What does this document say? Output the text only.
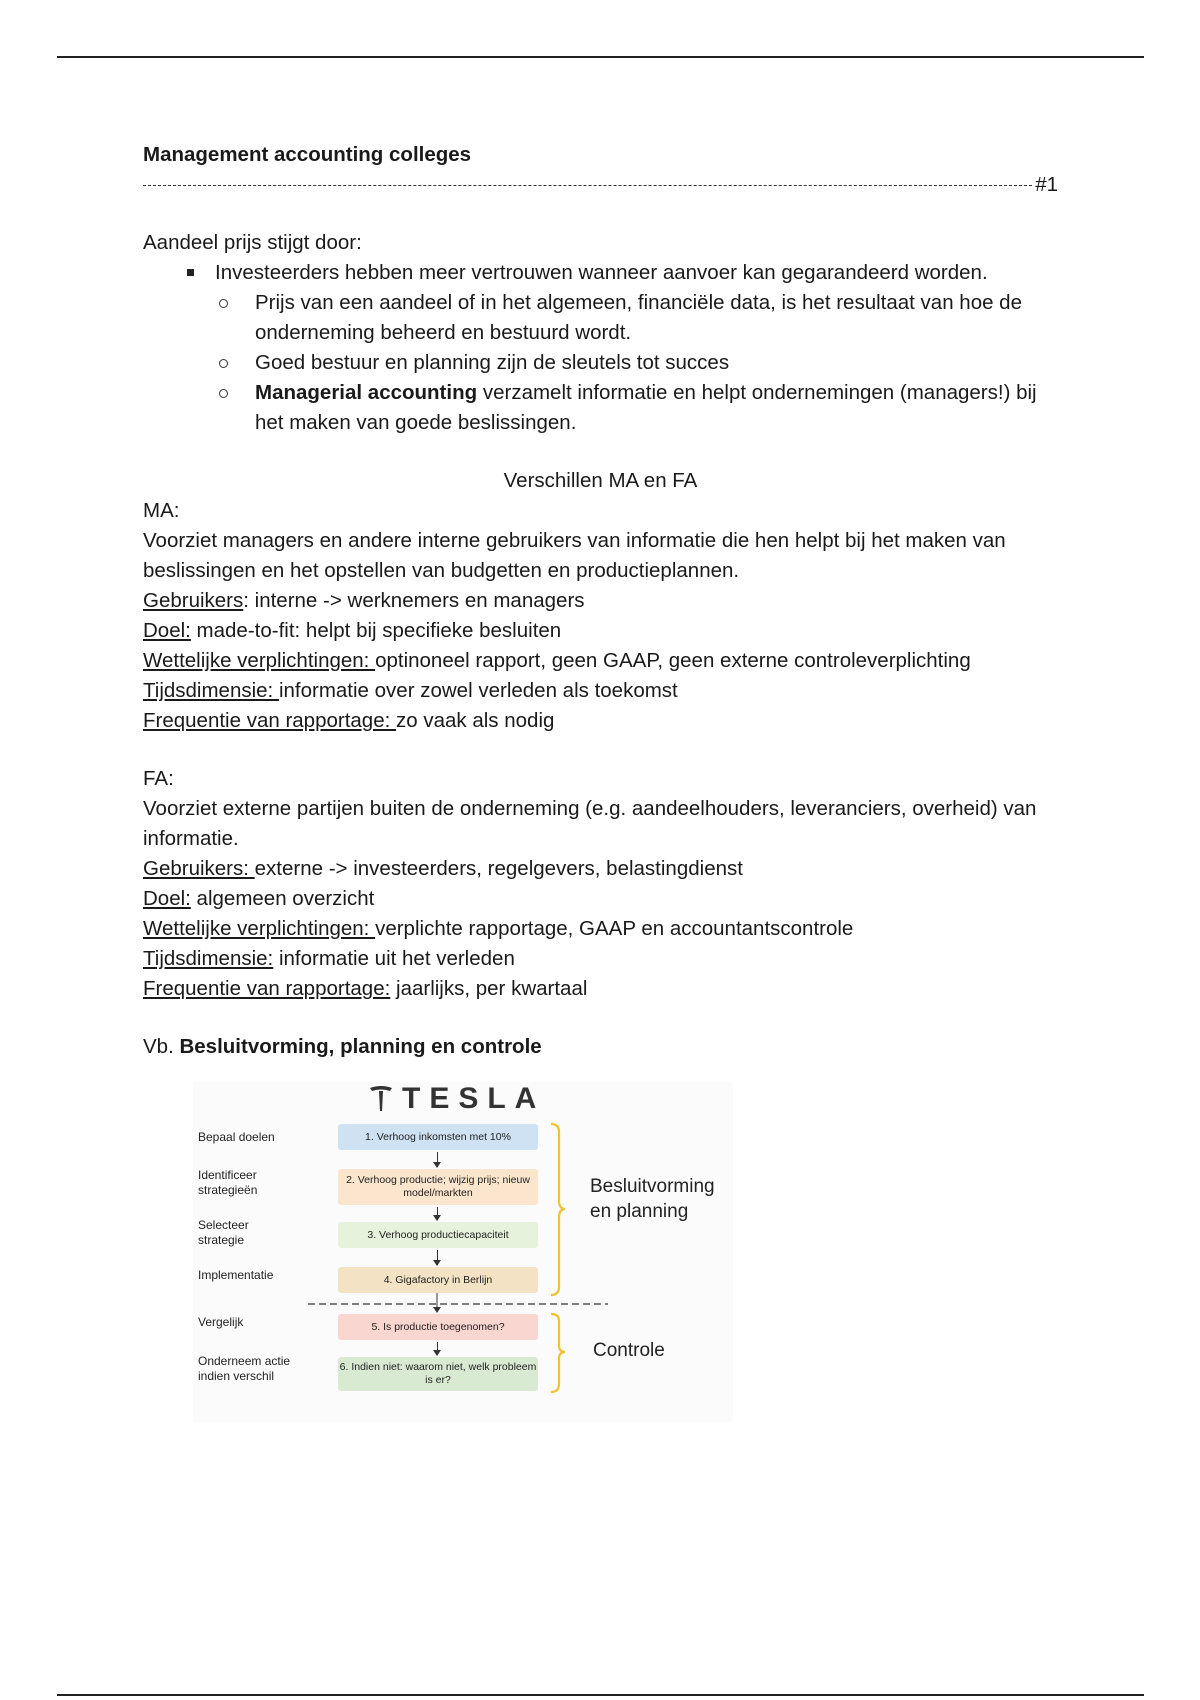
Management accounting colleges
#1

Aandeel prijs stijgt door:

Investeerders hebben meer vertrouwen wanneer aanvoer kan gegarandeerd worden.
Prijs van een aandeel of in het algemeen, financiële data, is het resultaat van hoe de onderneming beheerd en bestuurd wordt.
Goed bestuur en planning zijn de sleutels tot succes
Managerial accounting verzamelt informatie en helpt ondernemingen (managers!) bij het maken van goede beslissingen.

Verschillen MA en FA

MA:

Voorziet managers en andere interne gebruikers van informatie die hen helpt bij het maken van beslissingen en het opstellen van budgetten en productieplannen.

Gebruikers: interne -> werknemers en managers

Doel: made-to-fit: helpt bij specifieke besluiten

Wettelijke verplichtingen: optinoneel rapport, geen GAAP, geen externe controleverplichting

Tijdsdimensie: informatie over zowel verleden als toekomst

Frequentie van rapportage: zo vaak als nodig

FA:

Voorziet externe partijen buiten de onderneming (e.g. aandeelhouders, leveranciers, overheid) van informatie.

Gebruikers: externe -> investeerders, regelgevers, belastingdienst

Doel: algemeen overzicht

Wettelijke verplichtingen: verplichte rapportage, GAAP en accountantscontrole

Tijdsdimensie: informatie uit het verleden

Frequentie van rapportage: jaarlijks, per kwartaal

Vb. Besluitvorming, planning en controle

TESLA
Bepaal doelen
Identificeer strategieën
Selecteer strategie
Implementatie
Vergelijk
Onderneem actie indien verschil
1. Verhoog inkomsten met 10%
2. Verhoog productie; wijzig prijs; nieuw model/markten
3. Verhoog productiecapaciteit
4. Gigafactory in Berlijn
5. Is productie toegenomen?
6. Indien niet: waarom niet, welk probleem is er?
Besluitvorming en planning
Controle
